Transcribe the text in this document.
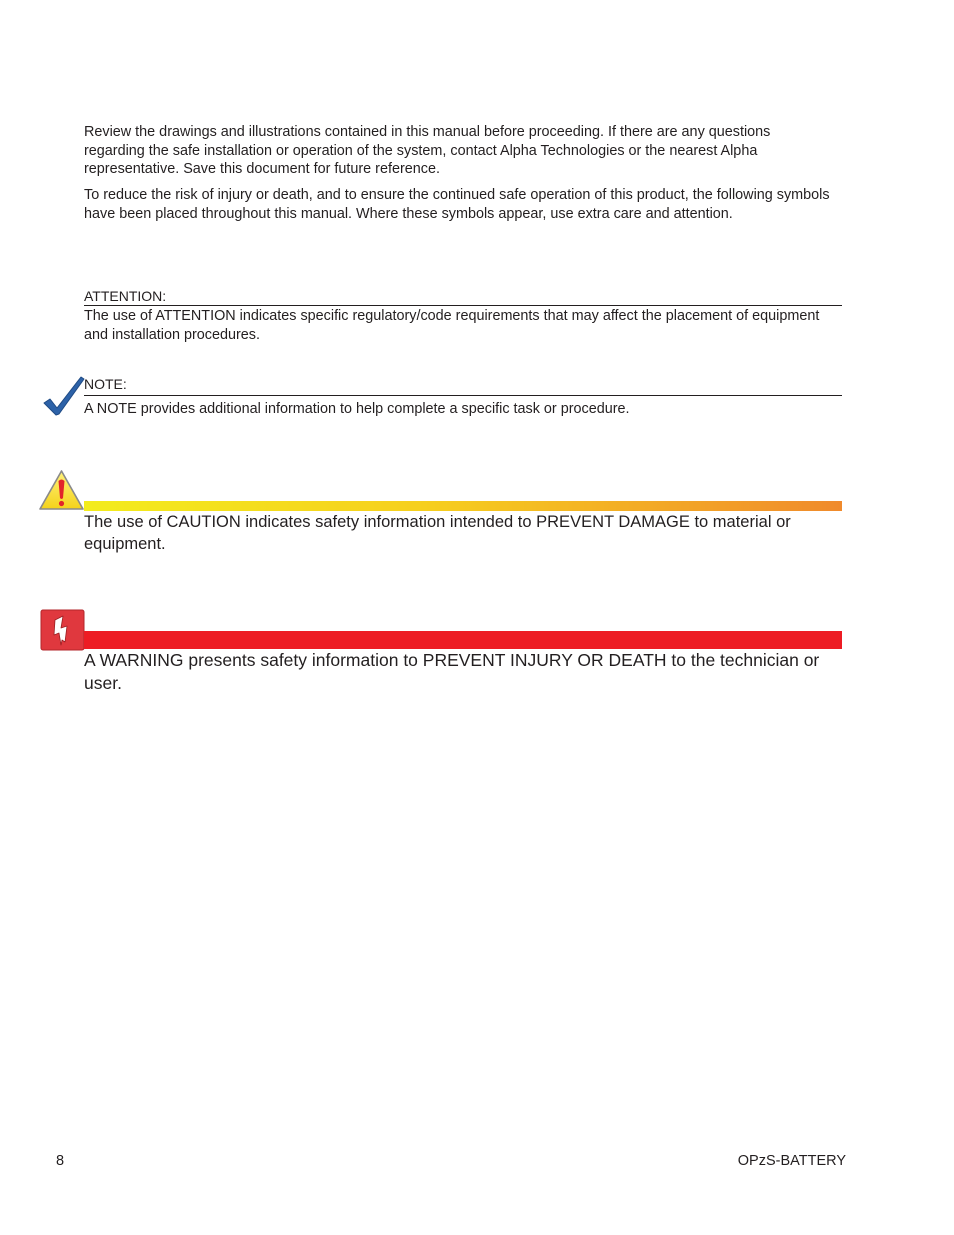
Review the drawings and illustrations contained in this manual before proceeding. If there are any questions regarding the safe installation or operation of the system, contact Alpha Technologies or the nearest Alpha representative. Save this document for future reference.

To reduce the risk of injury or death, and to ensure the continued safe operation of this product, the following symbols have been placed throughout this manual. Where these symbols appear, use extra care and attention.

ATTENTION:

The use of ATTENTION indicates specific regulatory/code requirements that may affect the placement of equipment and installation procedures.

NOTE:

A NOTE provides additional information to help complete a specific task or procedure.

The use of CAUTION indicates safety information intended to PREVENT DAMAGE to material or equipment.

A WARNING presents safety information to PREVENT INJURY OR DEATH to the technician or user.

8	OPzS-BATTERY
